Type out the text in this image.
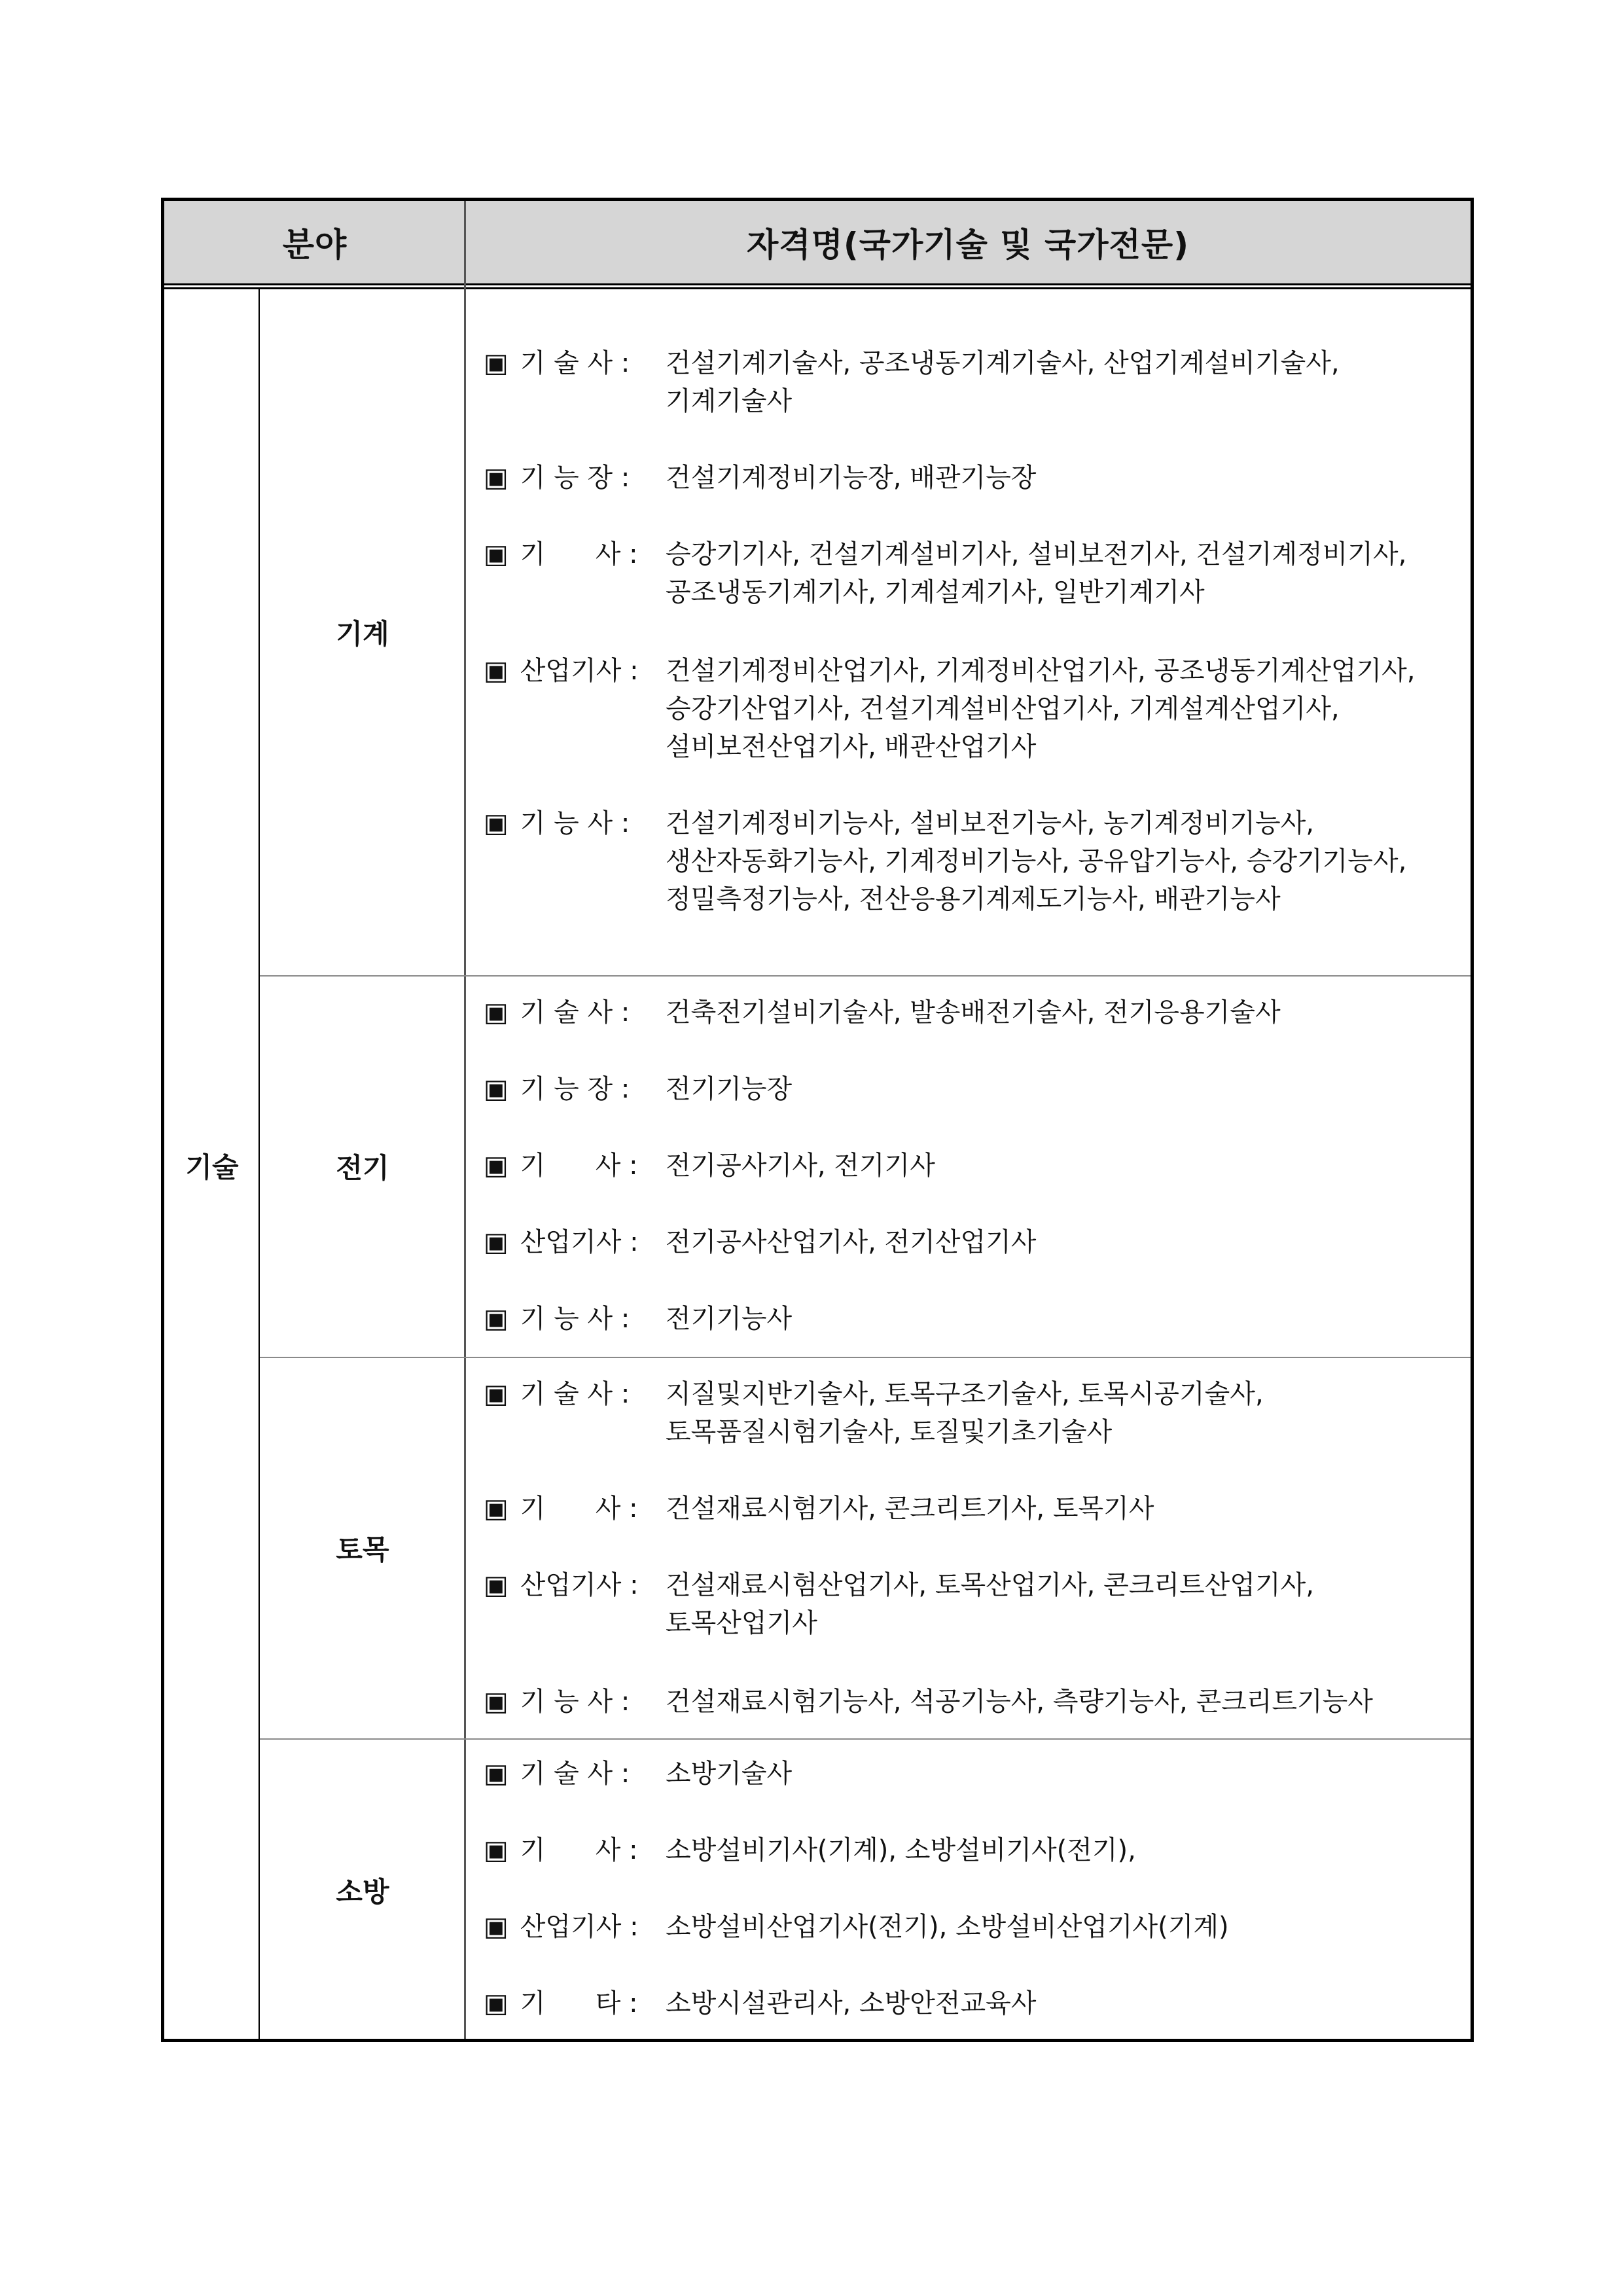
분야	자격명(국가기술 및 국가전문)
기술
기계
▣ 기 술 사 : 건설기계기술사, 공조냉동기계기술사, 산업기계설비기술사,
기계기술사
▣ 기 능 장 : 건설기계정비기능장, 배관기능장
▣ 기      사 : 승강기기사, 건설기계설비기사, 설비보전기사, 건설기계정비기사,
공조냉동기계기사, 기계설계기사, 일반기계기사
▣ 산업기사 : 건설기계정비산업기사, 기계정비산업기사, 공조냉동기계산업기사,
승강기산업기사, 건설기계설비산업기사, 기계설계산업기사,
설비보전산업기사, 배관산업기사
▣ 기 능 사 : 건설기계정비기능사, 설비보전기능사, 농기계정비기능사,
생산자동화기능사, 기계정비기능사, 공유압기능사, 승강기기능사,
정밀측정기능사, 전산응용기계제도기능사, 배관기능사
전기
▣ 기 술 사 : 건축전기설비기술사, 발송배전기술사, 전기응용기술사
▣ 기 능 장 : 전기기능장
▣ 기      사 : 전기공사기사, 전기기사
▣ 산업기사 : 전기공사산업기사, 전기산업기사
▣ 기 능 사 : 전기기능사
토목
▣ 기 술 사 : 지질및지반기술사, 토목구조기술사, 토목시공기술사,
토목품질시험기술사, 토질및기초기술사
▣ 기      사 : 건설재료시험기사, 콘크리트기사, 토목기사
▣ 산업기사 : 건설재료시험산업기사, 토목산업기사, 콘크리트산업기사,
토목산업기사
▣ 기 능 사 : 건설재료시험기능사, 석공기능사, 측량기능사, 콘크리트기능사
소방
▣ 기 술 사 : 소방기술사
▣ 기      사 : 소방설비기사(기계), 소방설비기사(전기),
▣ 산업기사 : 소방설비산업기사(전기), 소방설비산업기사(기계)
▣ 기      타 : 소방시설관리사, 소방안전교육사
